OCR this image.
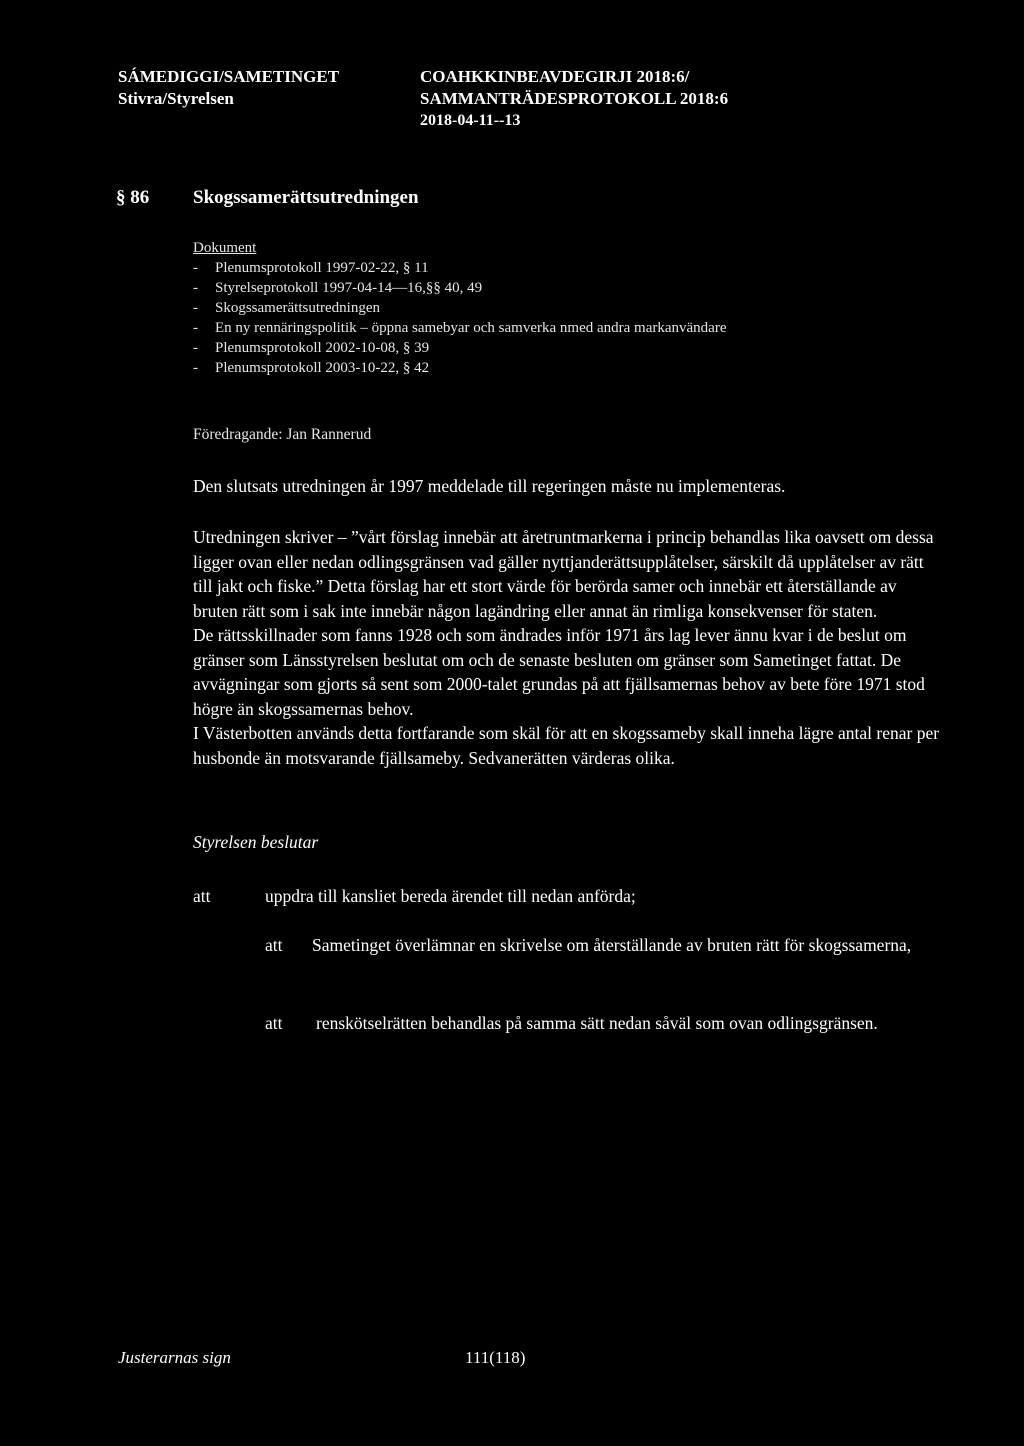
SÁMEDIGGI/SAMETINGET
Stivra/Styrelsen
COAHKKINBEAVDEGIRJI 2018:6/
SAMMANTRÄDESPROTOKOLL 2018:6
2018-04-11--13
§ 86 Skogssamerättsutredningen
Dokument
- Plenumsprotokoll 1997-02-22, § 11
- Styrelseprotokoll 1997-04-14—16,§§ 40, 49
- Skogssamerättsutredningen
- En ny rennäringspolitik – öppna samebyar och samverka nmed andra markanvändare
- Plenumsprotokoll 2002-10-08, § 39
- Plenumsprotokoll 2003-10-22, § 42
Föredragande: Jan Rannerud
Den slutsats utredningen år 1997 meddelade till regeringen måste nu implementeras.

Utredningen skriver – ”vårt förslag innebär att åretruntmarkerna i princip behandlas lika oavsett om dessa ligger ovan eller nedan odlingsgränsen vad gäller nyttjanderättsupplåtelser, särskilt då upplåtelser av rätt till jakt och fiske.” Detta förslag har ett stort värde för berörda samer och innebär ett återställande av bruten rätt som i sak inte innebär någon lagändring eller annat än rimliga konsekvenser för staten.

De rättsskillnader som fanns 1928 och som ändrades inför 1971 års lag lever ännu kvar i de beslut om gränser som Länsstyrelsen beslutat om och de senaste besluten om gränser som Sametinget fattat. De avvägningar som gjorts så sent som 2000-talet grundas på att fjällsamernas behov av bete före 1971 stod högre än skogssamernas behov.

I Västerbotten används detta fortfarande som skäl för att en skogssameby skall inneha lägre antal renar per husbonde än motsvarande fjällsameby. Sedvanerätten värderas olika.

Styrelsen beslutar
att	uppdra till kansliet bereda ärendet till nedan anförda;
att Sametinget överlämnar en skrivelse om återställande av bruten rätt för skogssamerna,
att renskötselrätten behandlas på samma sätt nedan såväl som ovan odlingsgränsen.
Justerarnas sign	111(118)
